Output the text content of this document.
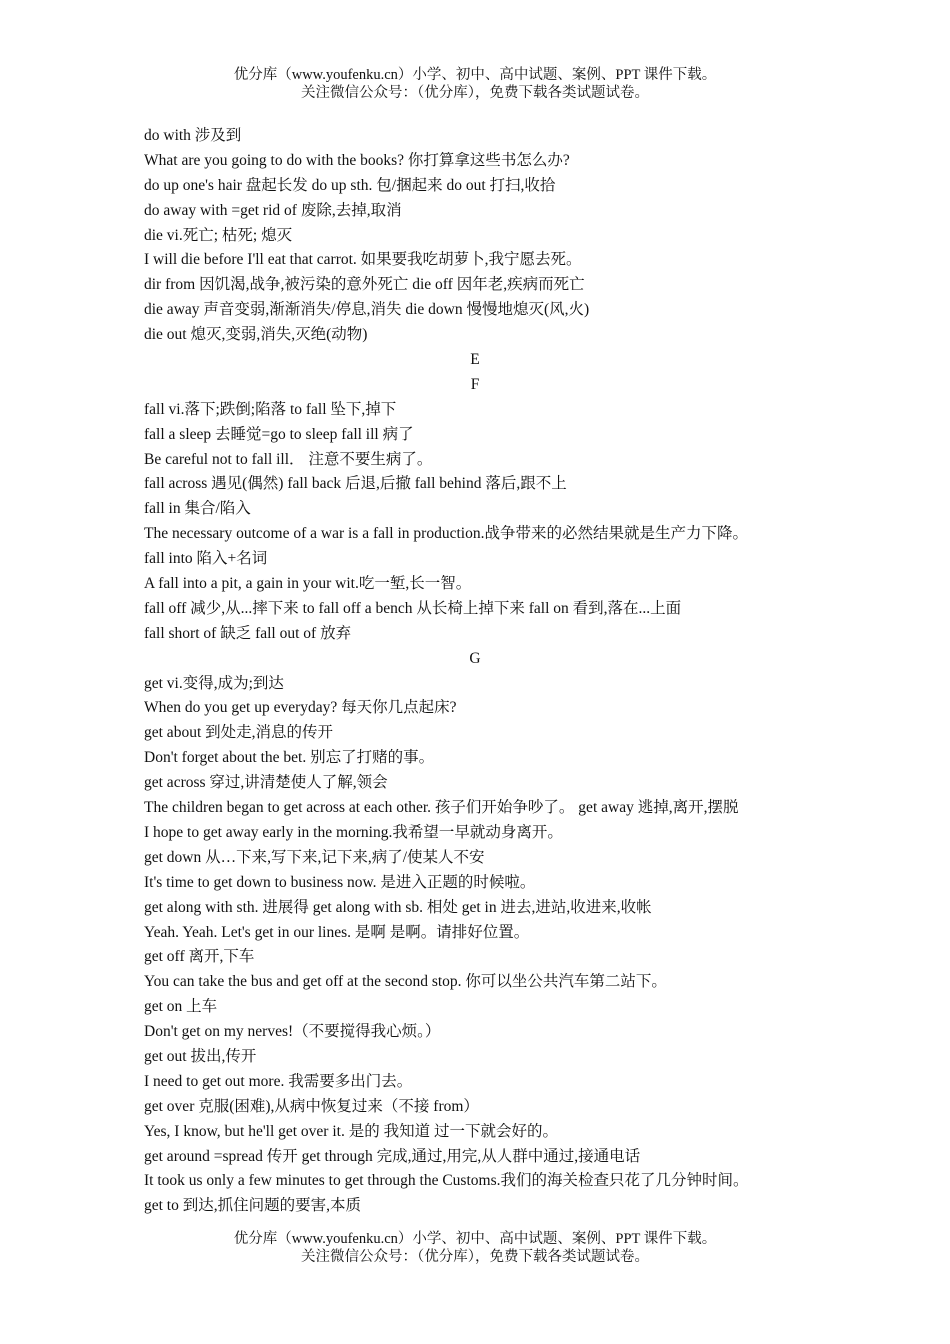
优分库（www.youfenku.cn）小学、初中、高中试题、案例、PPT 课件下载。
关注微信公众号：（优分库），免费下载各类试题试卷。
do with 涉及到
What are you going to do with the books? 你打算拿这些书怎么办?
do up one's hair 盘起长发 do up sth. 包/捆起来 do out 打扫,收拾
do away with =get rid of 废除,去掉,取消
die vi.死亡; 枯死; 熄灭
I will die before I'll eat that carrot. 如果要我吃胡萝卜,我宁愿去死。
dir from 因饥渴,战争,被污染的意外死亡 die off 因年老,疾病而死亡
die away 声音变弱,渐渐消失/停息,消失 die down 慢慢地熄灭(风,火)
die out 熄灭,变弱,消失,灭绝(动物)
E
F
fall vi.落下;跌倒;陷落 to fall 坠下,掉下
fall a sleep 去睡觉=go to sleep fall ill 病了
Be careful not to fall ill． 注意不要生病了。
fall across 遇见(偶然) fall back 后退,后撤 fall behind 落后,跟不上
fall in 集合/陷入
The necessary outcome of a war is a fall in production.战争带来的必然结果就是生产力下降。
fall into 陷入+名词
A fall into a pit, a gain in your wit.吃一堑,长一智。
fall off 减少,从...摔下来 to fall off a bench 从长椅上掉下来 fall on 看到,落在...上面
fall short of 缺乏 fall out of 放弃
G
get vi.变得,成为;到达
When do you get up everyday? 每天你几点起床?
get about 到处走,消息的传开
Don't forget about the bet. 别忘了打赌的事。
get across 穿过,讲清楚使人了解,领会
The children began to get across at each other. 孩子们开始争吵了。 get away 逃掉,离开,摆脱
I hope to get away early in the morning.我希望一早就动身离开。
get down 从…下来,写下来,记下来,病了/使某人不安
It's time to get down to business now. 是进入正题的时候啦。
get along with sth. 进展得 get along with sb. 相处 get in 进去,进站,收进来,收帐
Yeah. Yeah. Let's get in our lines. 是啊 是啊。请排好位置。
get off 离开,下车
You can take the bus and get off at the second stop. 你可以坐公共汽车第二站下。
get on 上车
Don't get on my nerves!（不要搅得我心烦。）
get out 拔出,传开
I need to get out more. 我需要多出门去。
get over 克服(困难),从病中恢复过来（不接 from）
Yes, I know, but he'll get over it. 是的 我知道 过一下就会好的。
get around =spread 传开 get through 完成,通过,用完,从人群中通过,接通电话
It took us only a few minutes to get through the Customs.我们的海关检查只花了几分钟时间。
get to 到达,抓住问题的要害,本质
优分库（www.youfenku.cn）小学、初中、高中试题、案例、PPT 课件下载。
关注微信公众号：（优分库），免费下载各类试题试卷。
